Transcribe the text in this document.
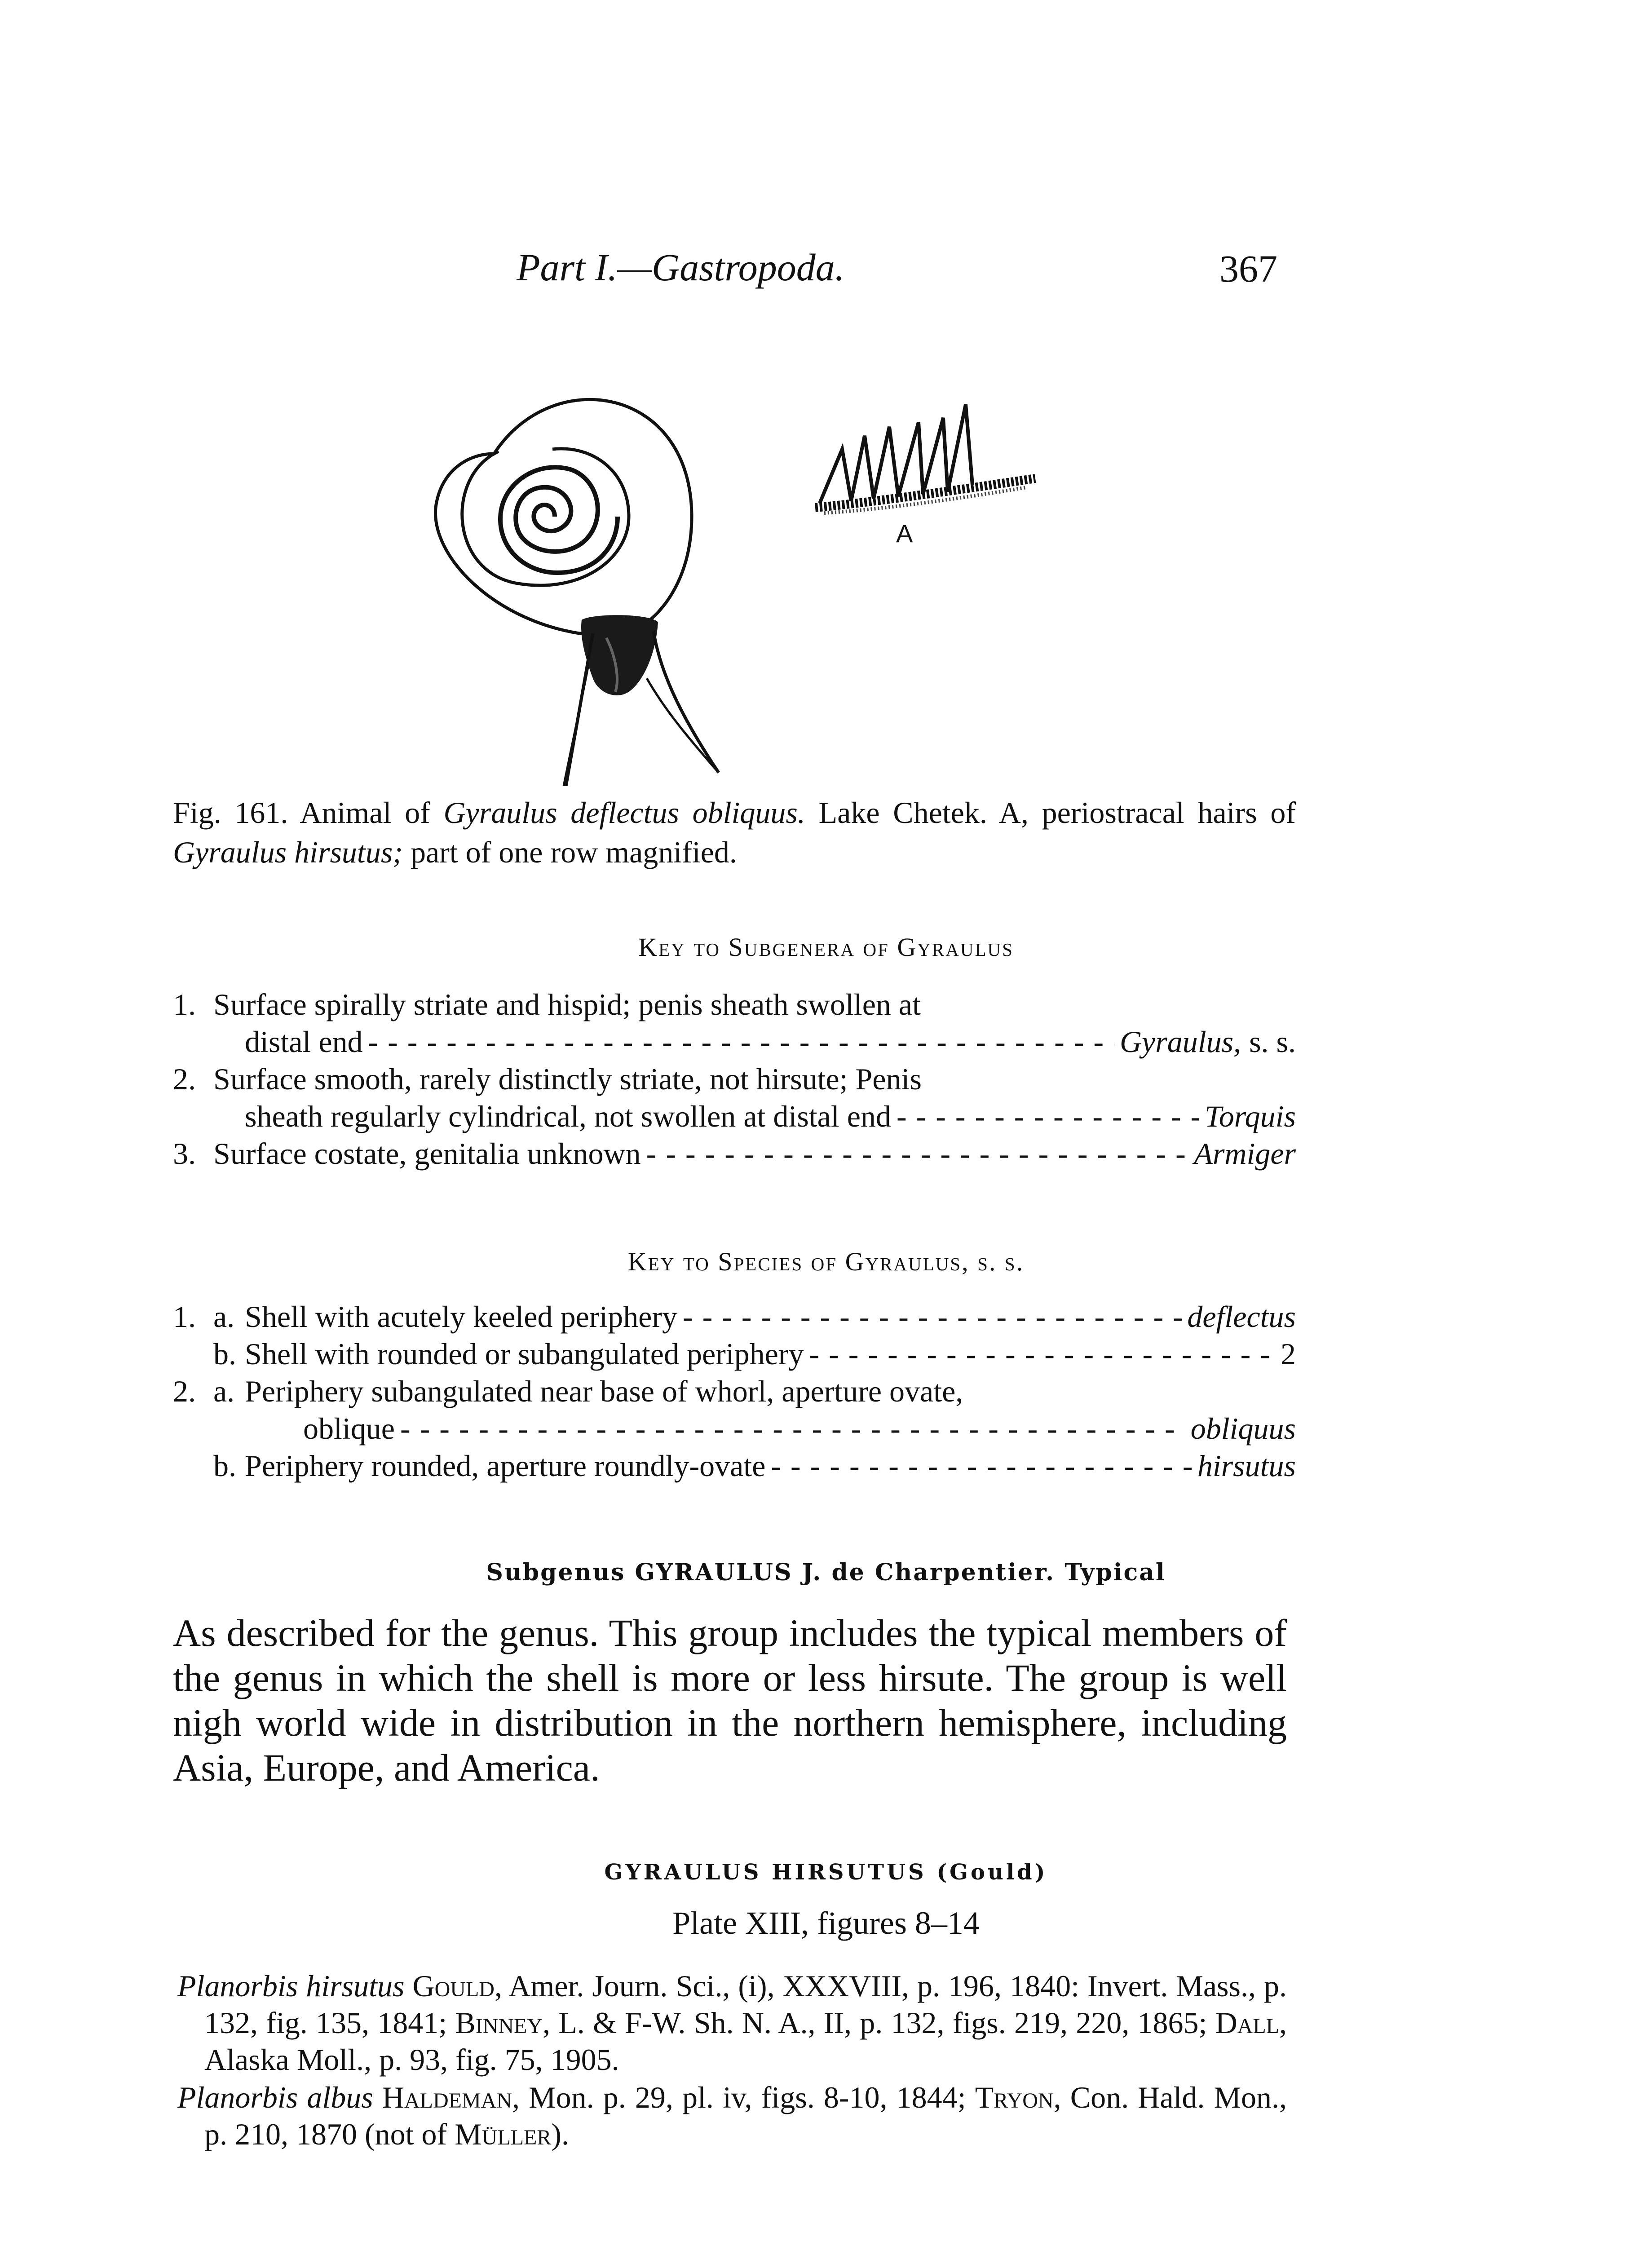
Part I.—Gastropoda.	367
A
Fig. 161. Animal of Gyraulus deflectus obliquus. Lake Chetek. A, periostracal hairs of Gyraulus hirsutus; part of one row magnified.
Key to Subgenera of Gyraulus
1. Surface spirally striate and hispid; penis sheath swollen at
distal end - - -	Gyraulus, s. s.
2. Surface smooth, rarely distinctly striate, not hirsute; Penis
sheath regularly cylindrical, not swollen at distal end - - -	Torquis
3. Surface costate, genitalia unknown - - -	Armiger
Key to Species of Gyraulus, s. s.
1. a. Shell with acutely keeled periphery - - -	deflectus
b. Shell with rounded or subangulated periphery - - -	2
2. a. Periphery subangulated near base of whorl, aperture ovate,
oblique - - -	obliquus
b. Periphery rounded, aperture roundly-ovate - - -	hirsutus
Subgenus GYRAULUS J. de Charpentier. Typical
As described for the genus. This group includes the typical members of the genus in which the shell is more or less hirsute. The group is well nigh world wide in distribution in the northern hemisphere, including Asia, Europe, and America.
GYRAULUS HIRSUTUS (Gould)
Plate XIII, figures 8–14
Planorbis hirsutus Gould, Amer. Journ. Sci., (i), XXXVIII, p. 196, 1840: Invert. Mass., p. 132, fig. 135, 1841; Binney, L. & F-W. Sh. N. A., II, p. 132, figs. 219, 220, 1865; Dall, Alaska Moll., p. 93, fig. 75, 1905.
Planorbis albus Haldeman, Mon. p. 29, pl. iv, figs. 8-10, 1844; Tryon, Con. Hald. Mon., p. 210, 1870 (not of Müller).
